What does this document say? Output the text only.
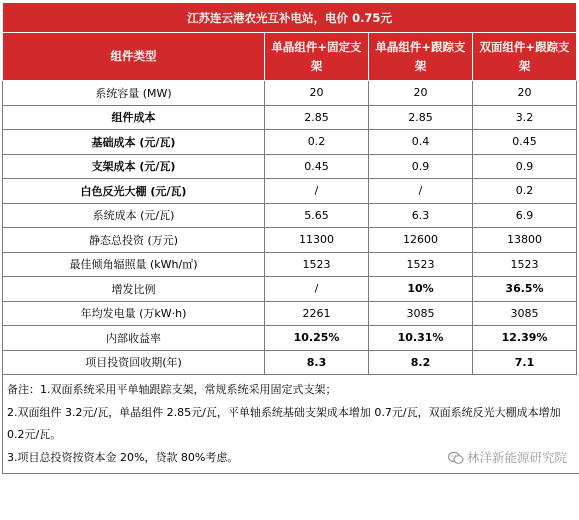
江苏连云港农光互补电站，电价 0.75元			
组件类型	单晶组件+固定支架	单晶组件+跟踪支架	双面组件+跟踪支架
系统容量 (MW)	20	20	20
组件成本	2.85	2.85	3.2
基础成本 (元/瓦)	0.2	0.4	0.45
支架成本 (元/瓦)	0.45	0.9	0.9
白色反光大棚 (元/瓦)	/	/	0.2
系统成本 (元/瓦)	5.65	6.3	6.9
静态总投资 (万元)	11300	12600	13800
最佳倾角辐照量 (kWh/㎡)	1523	1523	1523
增发比例	/	10%	36.5%
年均发电量 (万kW·h)	2261	3085	3085
内部收益率	10.25%	10.31%	12.39%
项目投资回收期(年)	8.3	8.2	7.1
备注：1.双面系统采用平单轴跟踪支架，常规系统采用固定式支架；
2.双面组件 3.2元/瓦，单晶组件 2.85元/瓦，平单轴系统基础支架成本增加 0.7元/瓦，双面系统反光大棚成本增加 0.2元/瓦。
3.项目总投资按资本金 20%，贷款 80%考虑。	林洋新能源研究院
